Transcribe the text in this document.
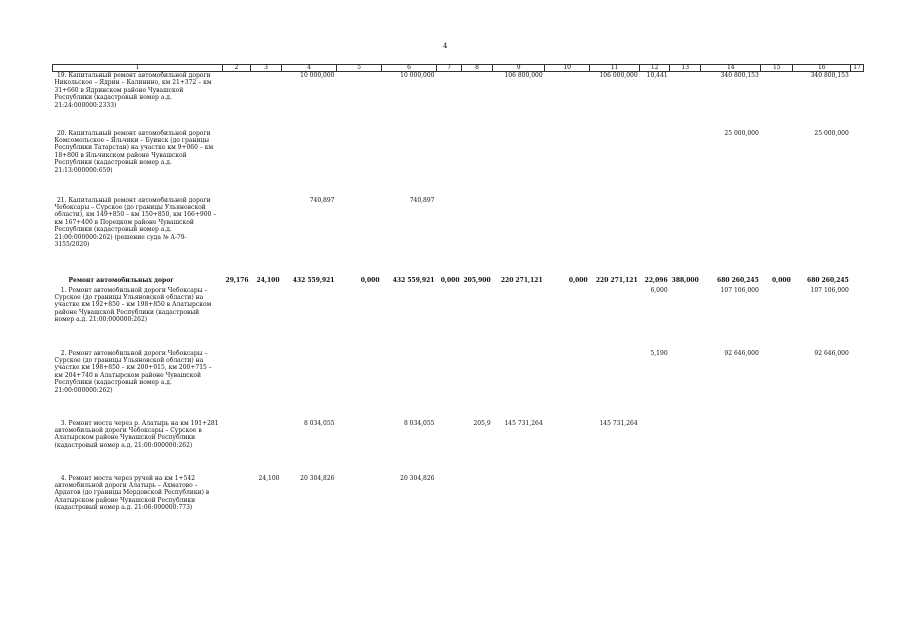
4
1	2	3	4	5	6	7	8	9	10	11	12	13	14	15	16	17
19. Капитальный ремонт автомобильной дороги Никольское – Ядрин – Калинино, км 21+372 – км 31+660 в Ядринском районе Чувашской Республики (кадастровый номер а.д. 21:24:000000:2333)			10 000,000		10 000,000			106 800,000		106 000,000	10,441		340 800,153		340 800,153	
20. Капитальный ремонт автомобильной дороги Комсомольское – Яльчики – Буинск (до границы Республики Татарстан) на участке км 9+060 – км 18+800 в Яльчикском районе Чувашской Республики (кадастровый номер а.д. 21:13:000000:659)													25 000,000		25 000,000	
21. Капитальный ремонт автомобильной дороги Чебоксары – Сурское (до границы Ульяновской области), км 149+850 – км 150+850, км 166+900 – км 167+400 в Порецком районе Чувашской Республики (кадастровый номер а.д. 21:00:000000:262) (решение суда № А-79-3155/2020)			740,897		740,897											
Ремонт автомобильных дорог	29,176	24,100	432 559,921	0,000	432 559,921	0,000	205,900	220 271,121	0,000	220 271,121	22,096	388,000	680 260,245	0,000	680 260,245	
1. Ремонт автомобильной дороги Чебоксары – Сурское (до границы Ульяновской области) на участке км 192+850 – км 198+850 в Алатырском районе Чувашской Республики (кадастровый номер а.д. 21:00:000000:262)											6,000		107 106,000		107 106,000	
2. Ремонт автомобильной дороги Чебоксары – Сурское (до границы Ульяновской области) на участке км 198+850 – км 200+015, км 200+715 – км 204+740 в Алатырском районе Чувашской Республики (кадастровый номер а.д. 21:00:000000:262)											5,190		92 646,000		92 646,000	
3. Ремонт моста через р. Алатырь на км 191+281 автомобильной дороги Чебоксары – Сурское в Алатырском районе Чувашской Республики (кадастровый номер а.д. 21:00:000000:262)			8 034,055		8 034,055		205,9	145 731,264		145 731,264						
4. Ремонт моста через ручей на км 1+542 автомобильной дороги Алатырь – Ахматово – Ардатов (до границы Мордовской Республики) в Алатырском районе Чувашской Республики (кадастровый номер а.д. 21:06:000000:773)		24,100	20 304,826		20 304,826											
